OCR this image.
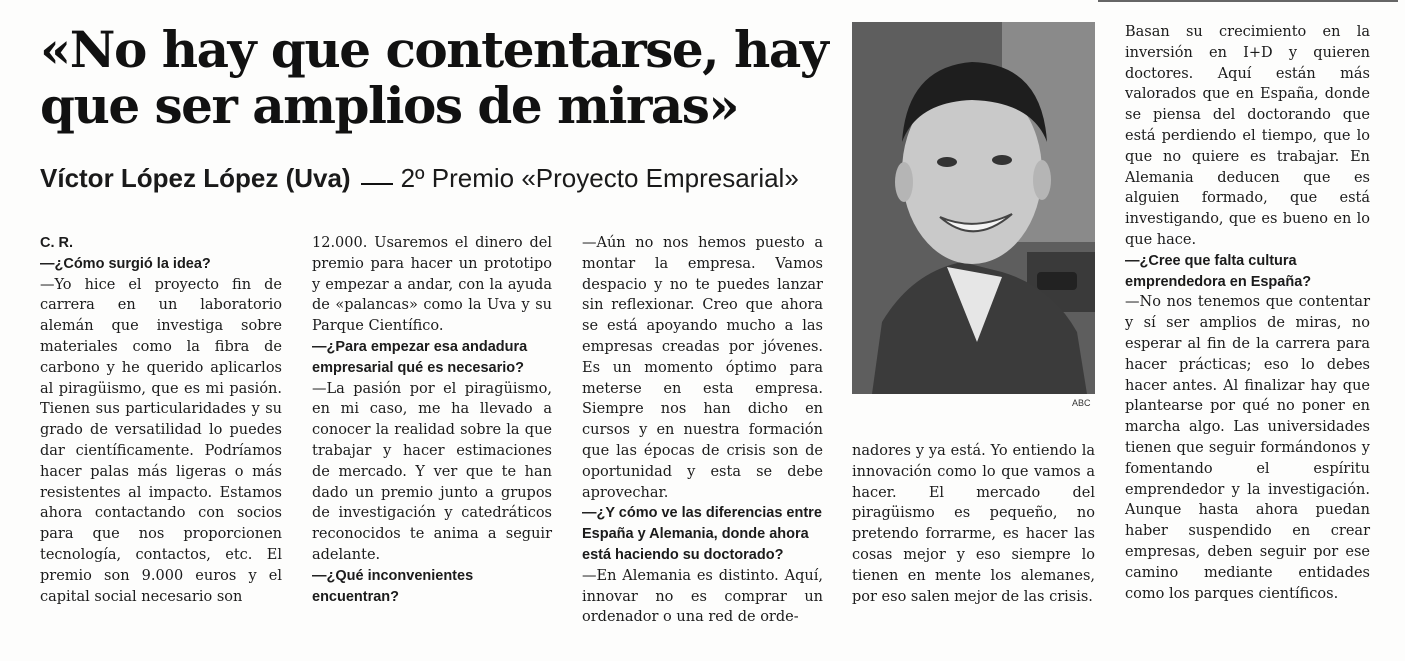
«No hay que contentarse, hay
que ser amplios de miras»
Víctor López López (Uva) 2º Premio «Proyecto Empresarial»
C. R.

—¿Cómo surgió la idea?

—Yo hice el proyecto fin de carrera en un laboratorio alemán que investiga sobre materiales como la fibra de carbono y he querido aplicarlos al piragüismo, que es mi pasión. Tienen sus particularidades y su grado de versatilidad lo puedes dar científicamente. Podríamos hacer palas más ligeras o más resistentes al impacto. Estamos ahora contactando con socios para que nos proporcionen tecnología, contactos, etc. El premio son 9.000 euros y el capital social necesario son

12.000. Usaremos el dinero del premio para hacer un prototipo y empezar a andar, con la ayuda de «palancas» como la Uva y su Parque Científico.

—¿Para empezar esa andadura empresarial qué es necesario?

—La pasión por el piragüismo, en mi caso, me ha llevado a conocer la realidad sobre la que trabajar y hacer estimaciones de mercado. Y ver que te han dado un premio junto a grupos de investigación y catedráticos reconocidos te anima a seguir adelante.

—¿Qué inconvenientes encuentran?

—Aún no nos hemos puesto a montar la empresa. Vamos despacio y no te puedes lanzar sin reflexionar. Creo que ahora se está apoyando mucho a las empresas creadas por jóvenes. Es un momento óptimo para meterse en esta empresa. Siempre nos han dicho en cursos y en nuestra formación que las épocas de crisis son de oportunidad y esta se debe aprovechar.

—¿Y cómo ve las diferencias entre España y Alemania, donde ahora está haciendo su doctorado?

—En Alemania es distinto. Aquí, innovar no es comprar un ordenador o una red de orde-

ABC

nadores y ya está. Yo entiendo la innovación como lo que vamos a hacer. El mercado del piragüismo es pequeño, no pretendo forrarme, es hacer las cosas mejor y eso siempre lo tienen en mente los alemanes, por eso salen mejor de las crisis.

Basan su crecimiento en la inversión en I+D y quieren doctores. Aquí están más valorados que en España, donde se piensa del doctorando que está perdiendo el tiempo, que lo que no quiere es trabajar. En Alemania deducen que es alguien formado, que está investigando, que es bueno en lo que hace.

—¿Cree que falta cultura emprendedora en España?

—No nos tenemos que contentar y sí ser amplios de miras, no esperar al fin de la carrera para hacer prácticas; eso lo debes hacer antes. Al finalizar hay que plantearse por qué no poner en marcha algo. Las universidades tienen que seguir formándonos y fomentando el espíritu emprendedor y la investigación. Aunque hasta ahora puedan haber suspendido en crear empresas, deben seguir por ese camino mediante entidades como los parques científicos.
